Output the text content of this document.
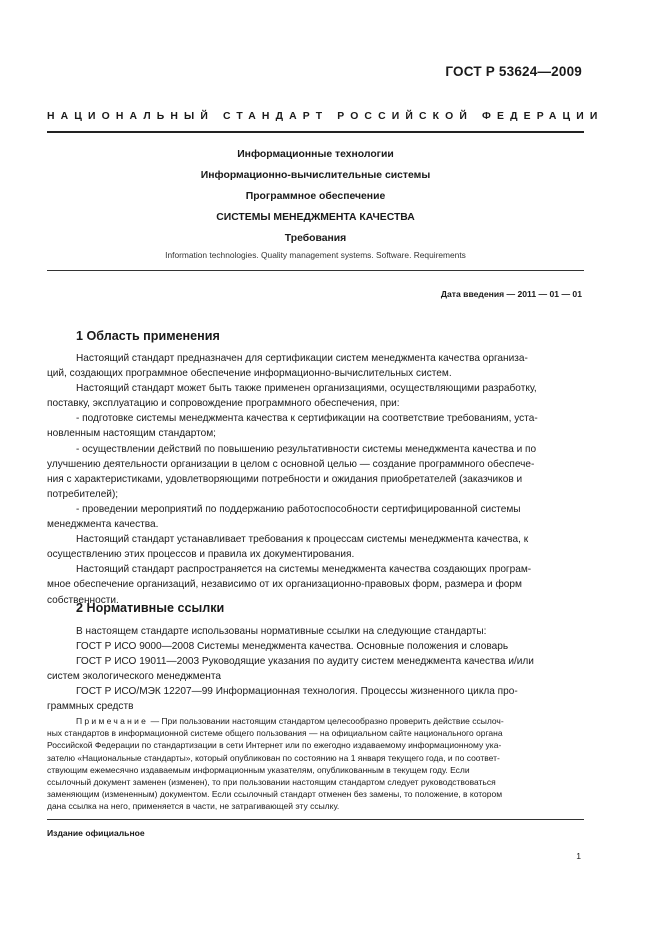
ГОСТ Р 53624—2009
НАЦИОНАЛЬНЫЙ СТАНДАРТ РОССИЙСКОЙ ФЕДЕРАЦИИ
Информационные технологии
Информационно-вычислительные системы
Программное обеспечение
СИСТЕМЫ МЕНЕДЖМЕНТА КАЧЕСТВА
Требования
Information technologies. Quality management systems. Software. Requirements
Дата введения — 2011 — 01 — 01
1 Область применения
Настоящий стандарт предназначен для сертификации систем менеджмента качества организа-
ций, создающих программное обеспечение информационно-вычислительных систем.
Настоящий стандарт может быть также применен организациями, осуществляющими разработку,
поставку, эксплуатацию и сопровождение программного обеспечения, при:
- подготовке системы менеджмента качества к сертификации на соответствие требованиям, уста-
новленным настоящим стандартом;
- осуществлении действий по повышению результативности системы менеджмента качества и по
улучшению деятельности организации в целом с основной целью — создание программного обеспече-
ния с характеристиками, удовлетворяющими потребности и ожидания приобретателей (заказчиков и
потребителей);
- проведении мероприятий по поддержанию работоспособности сертифицированной системы
менеджмента качества.
Настоящий стандарт устанавливает требования к процессам системы менеджмента качества, к
осуществлению этих процессов и правила их документирования.
Настоящий стандарт распространяется на системы менеджмента качества создающих програм-
мное обеспечение организаций, независимо от их организационно-правовых форм, размера и форм
собственности.
2 Нормативные ссылки
В настоящем стандарте использованы нормативные ссылки на следующие стандарты:
ГОСТ Р ИСО 9000—2008 Системы менеджмента качества. Основные положения и словарь
ГОСТ Р ИСО 19011—2003 Руководящие указания по аудиту систем менеджмента качества и/или
систем экологического менеджмента
ГОСТ Р ИСО/МЭК 12207—99 Информационная технология. Процессы жизненного цикла про-
граммных средств
Примечание — При пользовании настоящим стандартом целесообразно проверить действие ссылоч-
ных стандартов в информационной системе общего пользования — на официальном сайте национального органа
Российской Федерации по стандартизации в сети Интернет или по ежегодно издаваемому информационному ука-
зателю «Национальные стандарты», который опубликован по состоянию на 1 января текущего года, и по соответ-
ствующим ежемесячно издаваемым информационным указателям, опубликованным в текущем году. Если
ссылочный документ заменен (изменен), то при пользовании настоящим стандартом следует руководствоваться
заменяющим (измененным) документом. Если ссылочный стандарт отменен без замены, то положение, в котором
дана ссылка на него, применяется в части, не затрагивающей эту ссылку.
Издание официальное
1
